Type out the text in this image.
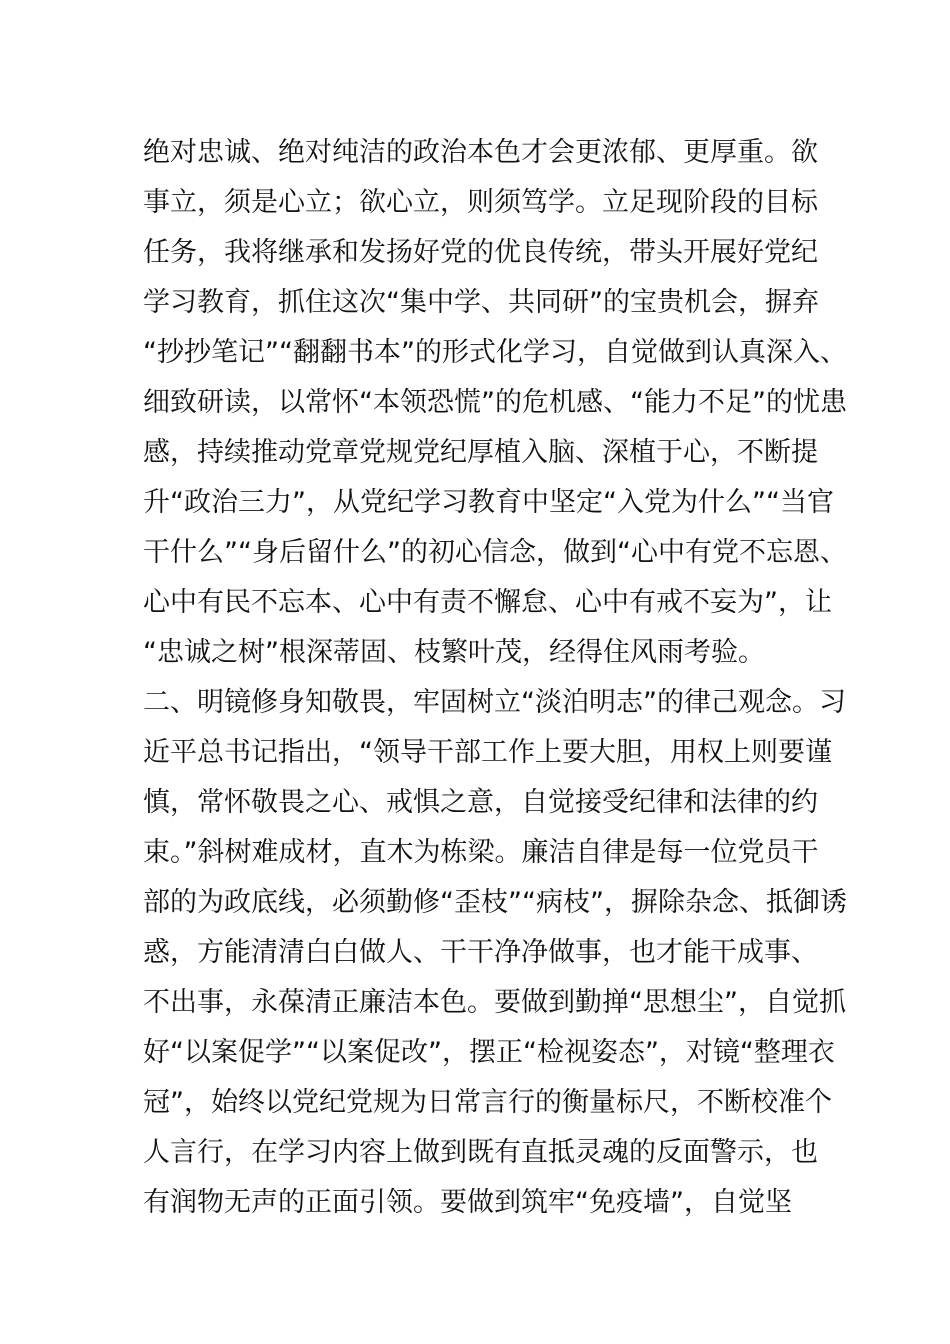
绝对忠诚、绝对纯洁的政治本色才会更浓郁、更厚重。欲
事立，须是心立；欲心立，则须笃学。立足现阶段的目标
任务，我将继承和发扬好党的优良传统，带头开展好党纪
学习教育，抓住这次“集中学、共同研”的宝贵机会，摒弃
“抄抄笔记”“翻翻书本”的形式化学习，自觉做到认真深入、
细致研读，以常怀“本领恐慌”的危机感、“能力不足”的忧患
感，持续推动党章党规党纪厚植入脑、深植于心，不断提
升“政治三力”，从党纪学习教育中坚定“入党为什么”“当官
干什么”“身后留什么”的初心信念，做到“心中有党不忘恩、
心中有民不忘本、心中有责不懈怠、心中有戒不妄为”，让
“忠诚之树”根深蒂固、枝繁叶茂，经得住风雨考验。
二、明镜修身知敬畏，牢固树立“淡泊明志”的律己观念。习
近平总书记指出，“领导干部工作上要大胆，用权上则要谨
慎，常怀敬畏之心、戒惧之意，自觉接受纪律和法律的约
束。”斜树难成材，直木为栋梁。廉洁自律是每一位党员干
部的为政底线，必须勤修“歪枝”“病枝”，摒除杂念、抵御诱
惑，方能清清白白做人、干干净净做事，也才能干成事、
不出事，永葆清正廉洁本色。要做到勤掸“思想尘”，自觉抓
好“以案促学”“以案促改”，摆正“检视姿态”，对镜“整理衣
冠”，始终以党纪党规为日常言行的衡量标尺，不断校准个
人言行，在学习内容上做到既有直抵灵魂的反面警示，也
有润物无声的正面引领。要做到筑牢“免疫墙”，自觉坚
